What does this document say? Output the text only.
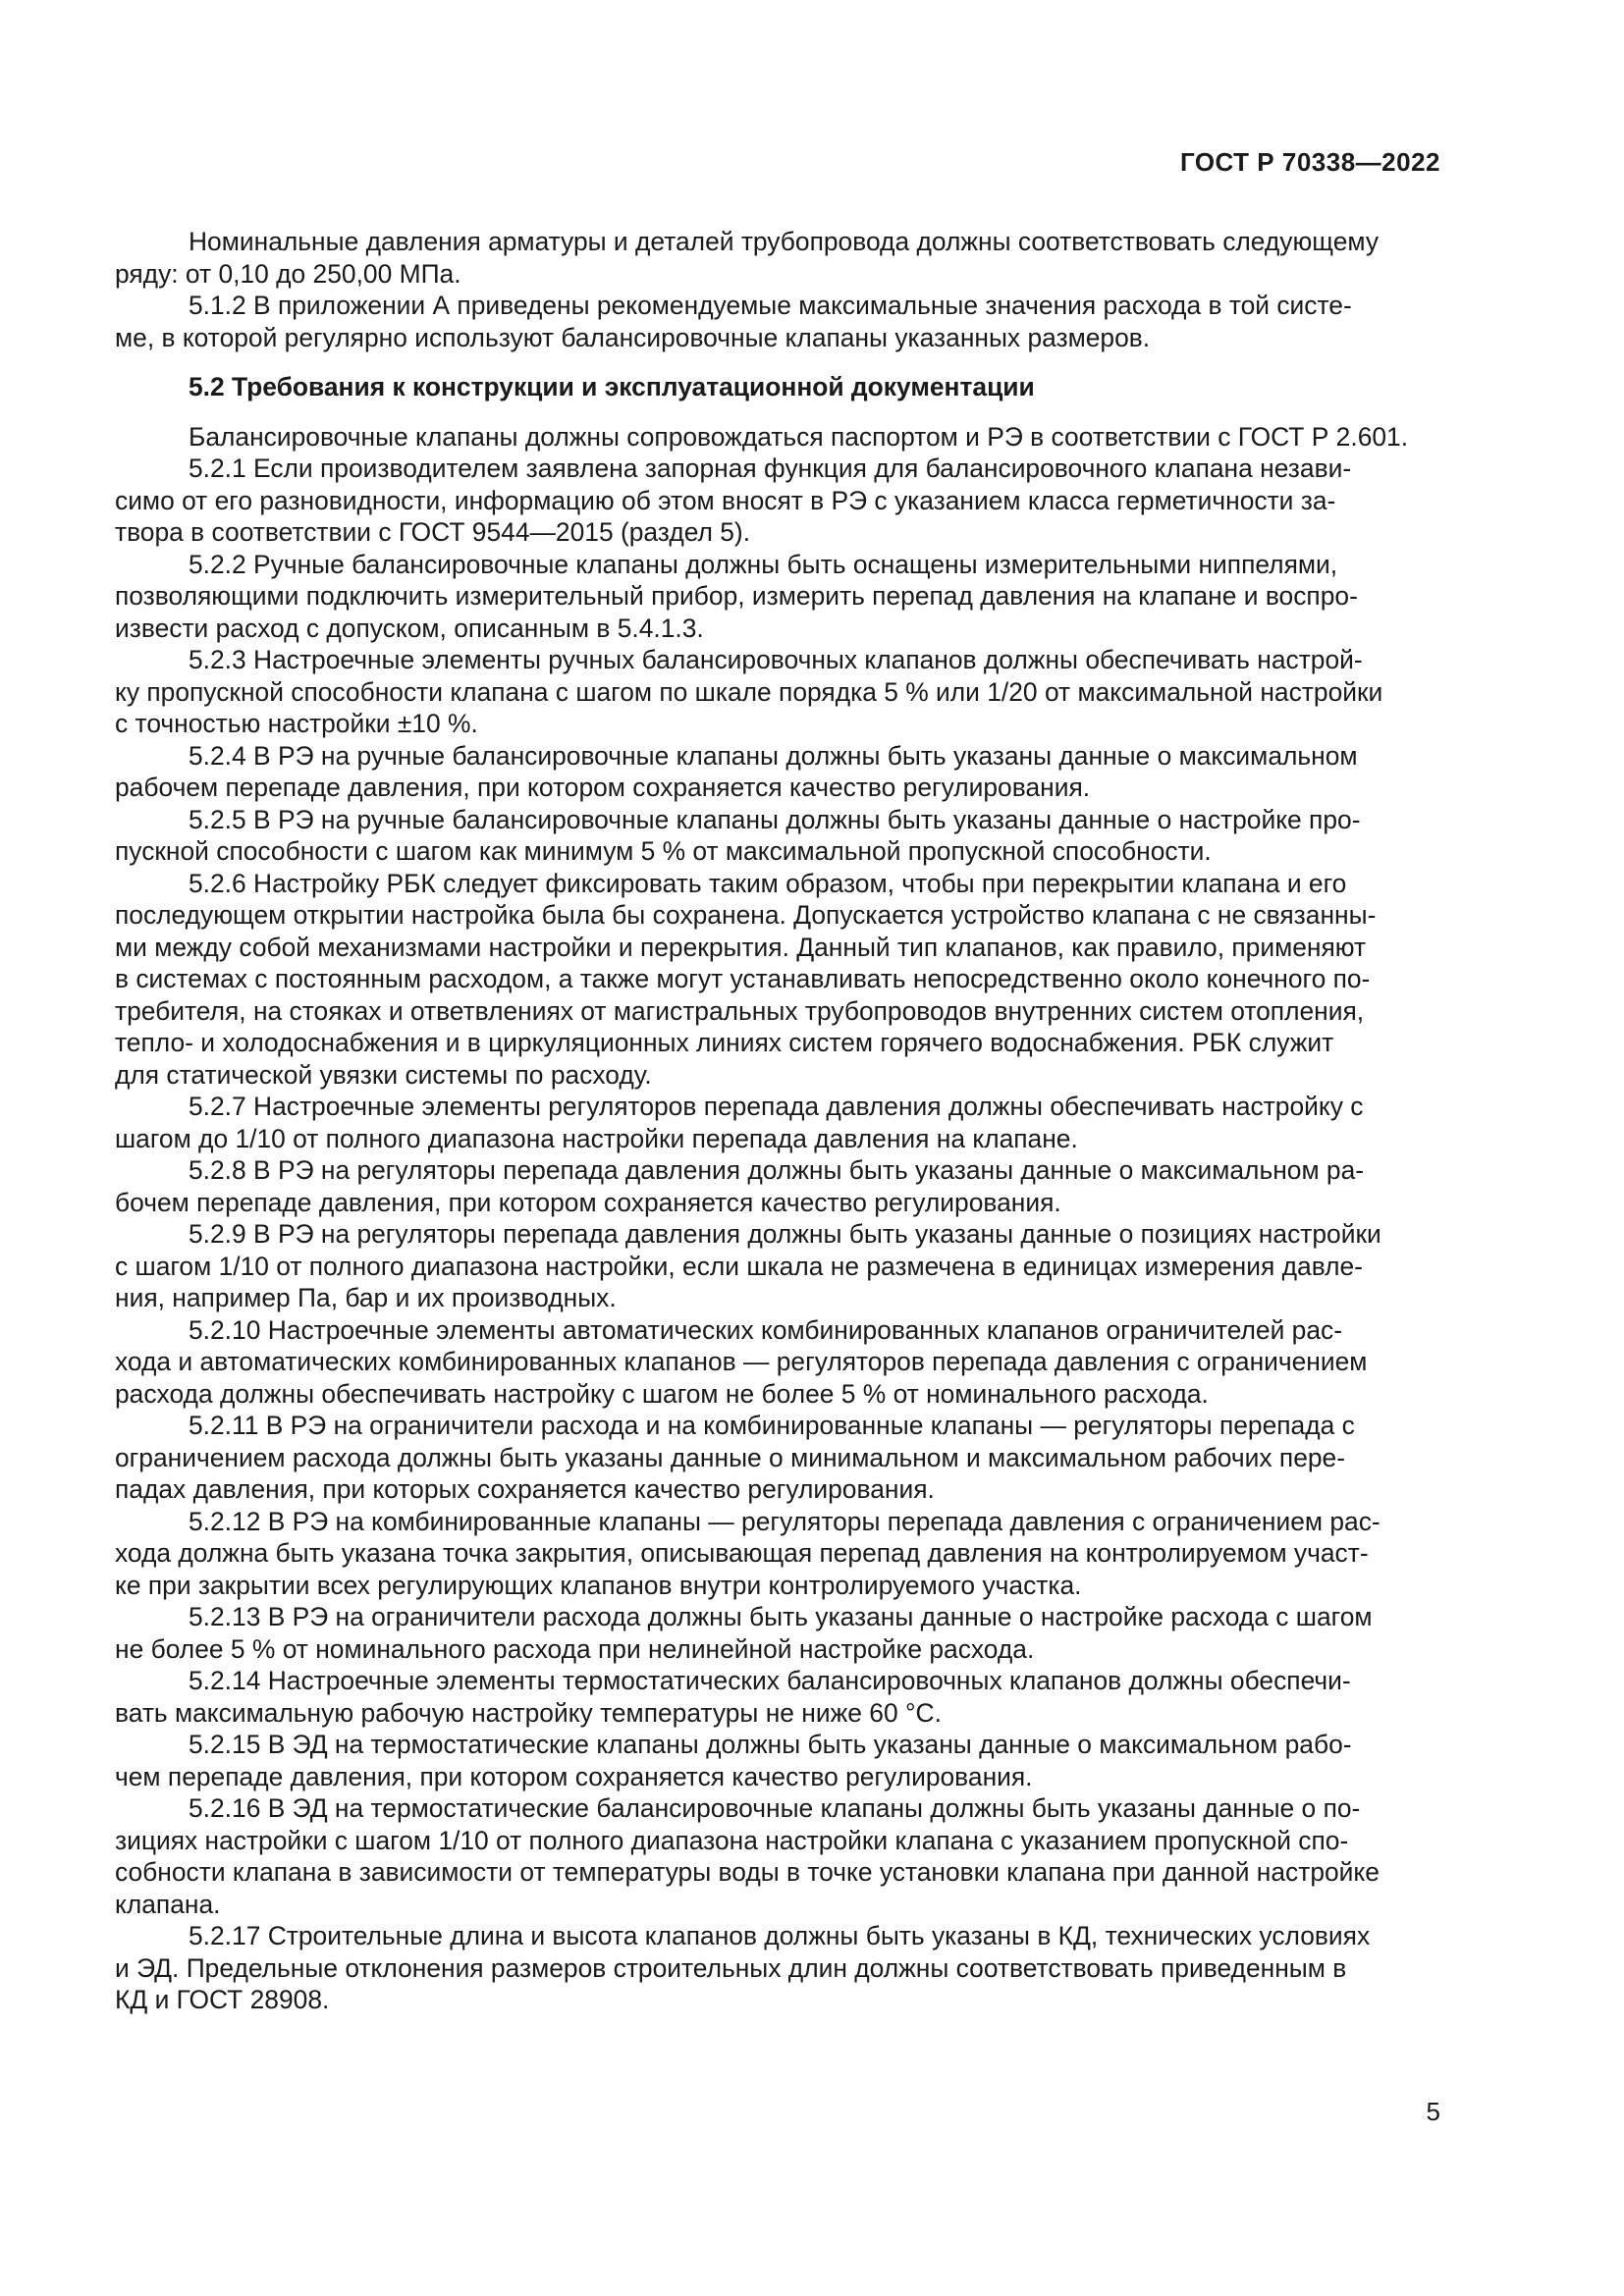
ГОСТ Р 70338—2022

Номинальные давления арматуры и деталей трубопровода должны соответствовать следующему
ряду: от 0,10 до 250,00 МПа.

5.1.2 В приложении А приведены рекомендуемые максимальные значения расхода в той систе-
ме, в которой регулярно используют балансировочные клапаны указанных размеров.

5.2 Требования к конструкции и эксплуатационной документации

Балансировочные клапаны должны сопровождаться паспортом и РЭ в соответствии с ГОСТ Р 2.601.

5.2.1 Если производителем заявлена запорная функция для балансировочного клапана незави-
симо от его разновидности, информацию об этом вносят в РЭ с указанием класса герметичности за-
твора в соответствии с ГОСТ 9544—2015 (раздел 5).

5.2.2 Ручные балансировочные клапаны должны быть оснащены измерительными ниппелями,
позволяющими подключить измерительный прибор, измерить перепад давления на клапане и воспро-
извести расход с допуском, описанным в 5.4.1.3.

5.2.3 Настроечные элементы ручных балансировочных клапанов должны обеспечивать настрой-
ку пропускной способности клапана с шагом по шкале порядка 5 % или 1/20 от максимальной настройки
с точностью настройки ±10 %.

5.2.4 В РЭ на ручные балансировочные клапаны должны быть указаны данные о максимальном
рабочем перепаде давления, при котором сохраняется качество регулирования.

5.2.5 В РЭ на ручные балансировочные клапаны должны быть указаны данные о настройке про-
пускной способности с шагом как минимум 5 % от максимальной пропускной способности.

5.2.6 Настройку РБК следует фиксировать таким образом, чтобы при перекрытии клапана и его
последующем открытии настройка была бы сохранена. Допускается устройство клапана с не связанны-
ми между собой механизмами настройки и перекрытия. Данный тип клапанов, как правило, применяют
в системах с постоянным расходом, а также могут устанавливать непосредственно около конечного по-
требителя, на стояках и ответвлениях от магистральных трубопроводов внутренних систем отопления,
тепло- и холодоснабжения и в циркуляционных линиях систем горячего водоснабжения. РБК служит
для статической увязки системы по расходу.

5.2.7 Настроечные элементы регуляторов перепада давления должны обеспечивать настройку с
шагом до 1/10 от полного диапазона настройки перепада давления на клапане.

5.2.8 В РЭ на регуляторы перепада давления должны быть указаны данные о максимальном ра-
бочем перепаде давления, при котором сохраняется качество регулирования.

5.2.9 В РЭ на регуляторы перепада давления должны быть указаны данные о позициях настройки
с шагом 1/10 от полного диапазона настройки, если шкала не размечена в единицах измерения давле-
ния, например Па, бар и их производных.

5.2.10 Настроечные элементы автоматических комбинированных клапанов ограничителей рас-
хода и автоматических комбинированных клапанов — регуляторов перепада давления с ограничением
расхода должны обеспечивать настройку с шагом не более 5 % от номинального расхода.

5.2.11 В РЭ на ограничители расхода и на комбинированные клапаны — регуляторы перепада с
ограничением расхода должны быть указаны данные о минимальном и максимальном рабочих пере-
падах давления, при которых сохраняется качество регулирования.

5.2.12 В РЭ на комбинированные клапаны — регуляторы перепада давления с ограничением рас-
хода должна быть указана точка закрытия, описывающая перепад давления на контролируемом участ-
ке при закрытии всех регулирующих клапанов внутри контролируемого участка.

5.2.13 В РЭ на ограничители расхода должны быть указаны данные о настройке расхода с шагом
не более 5 % от номинального расхода при нелинейной настройке расхода.

5.2.14 Настроечные элементы термостатических балансировочных клапанов должны обеспечи-
вать максимальную рабочую настройку температуры не ниже 60 °С.

5.2.15 В ЭД на термостатические клапаны должны быть указаны данные о максимальном рабо-
чем перепаде давления, при котором сохраняется качество регулирования.

5.2.16 В ЭД на термостатические балансировочные клапаны должны быть указаны данные о по-
зициях настройки с шагом 1/10 от полного диапазона настройки клапана с указанием пропускной спо-
собности клапана в зависимости от температуры воды в точке установки клапана при данной настройке
клапана.

5.2.17 Строительные длина и высота клапанов должны быть указаны в КД, технических условиях
и ЭД. Предельные отклонения размеров строительных длин должны соответствовать приведенным в
КД и ГОСТ 28908.

5
